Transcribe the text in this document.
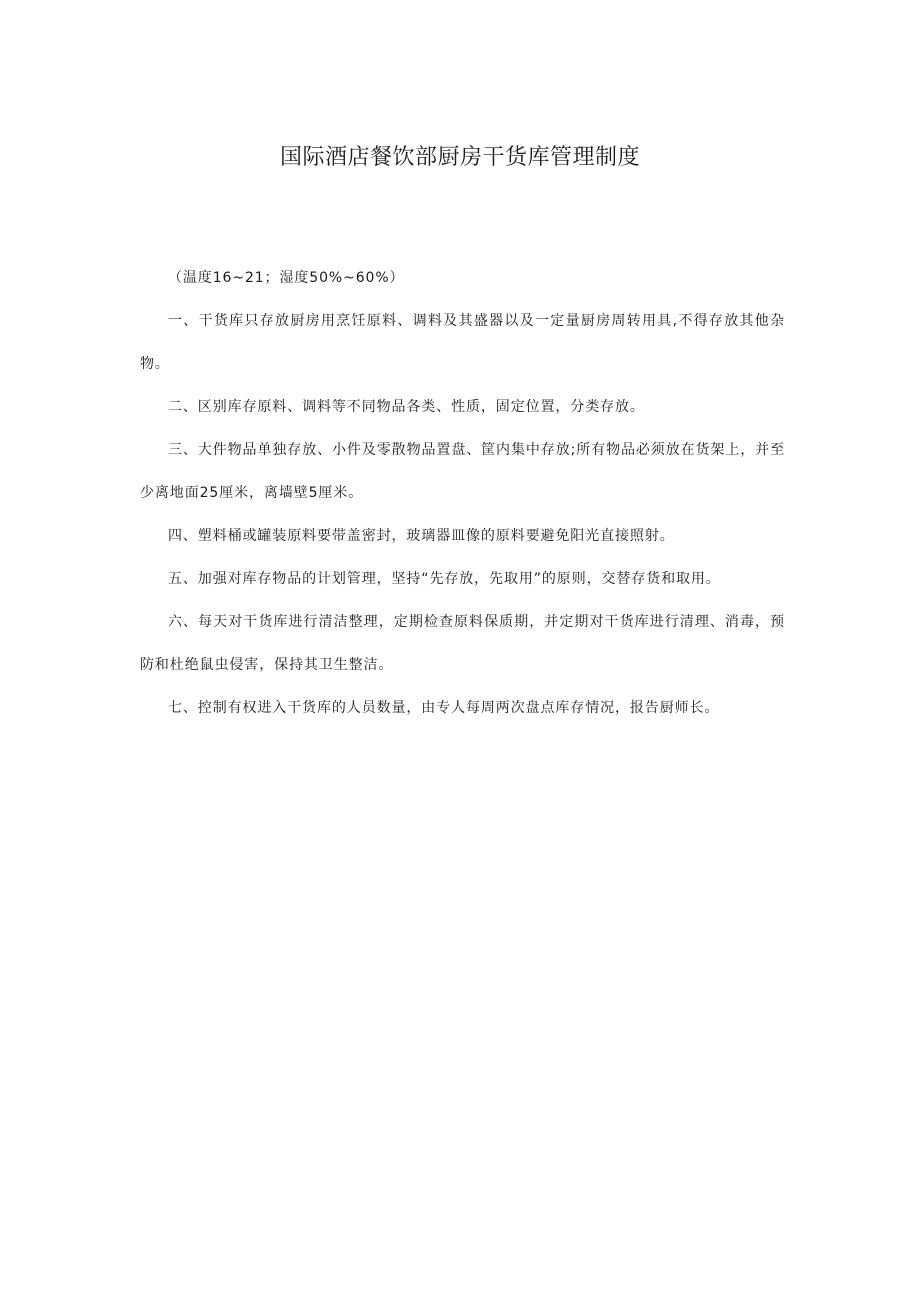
国际酒店餐饮部厨房干货库管理制度

（温度16~21；湿度50%~60%）

一、干货库只存放厨房用烹饪原料、调料及其盛器以及一定量厨房周转用具,不得存放其他杂物。

二、区别库存原料、调料等不同物品各类、性质，固定位置，分类存放。

三、大件物品单独存放、小件及零散物品置盘、筐内集中存放;所有物品必须放在货架上，并至少离地面25厘米，离墙壁5厘米。

四、塑料桶或罐装原料要带盖密封，玻璃器皿像的原料要避免阳光直接照射。

五、加强对库存物品的计划管理，坚持“先存放，先取用”的原则，交替存货和取用。

六、每天对干货库进行清洁整理，定期检查原料保质期，并定期对干货库进行清理、消毒，预防和杜绝鼠虫侵害，保持其卫生整洁。

七、控制有权进入干货库的人员数量，由专人每周两次盘点库存情况，报告厨师长。
